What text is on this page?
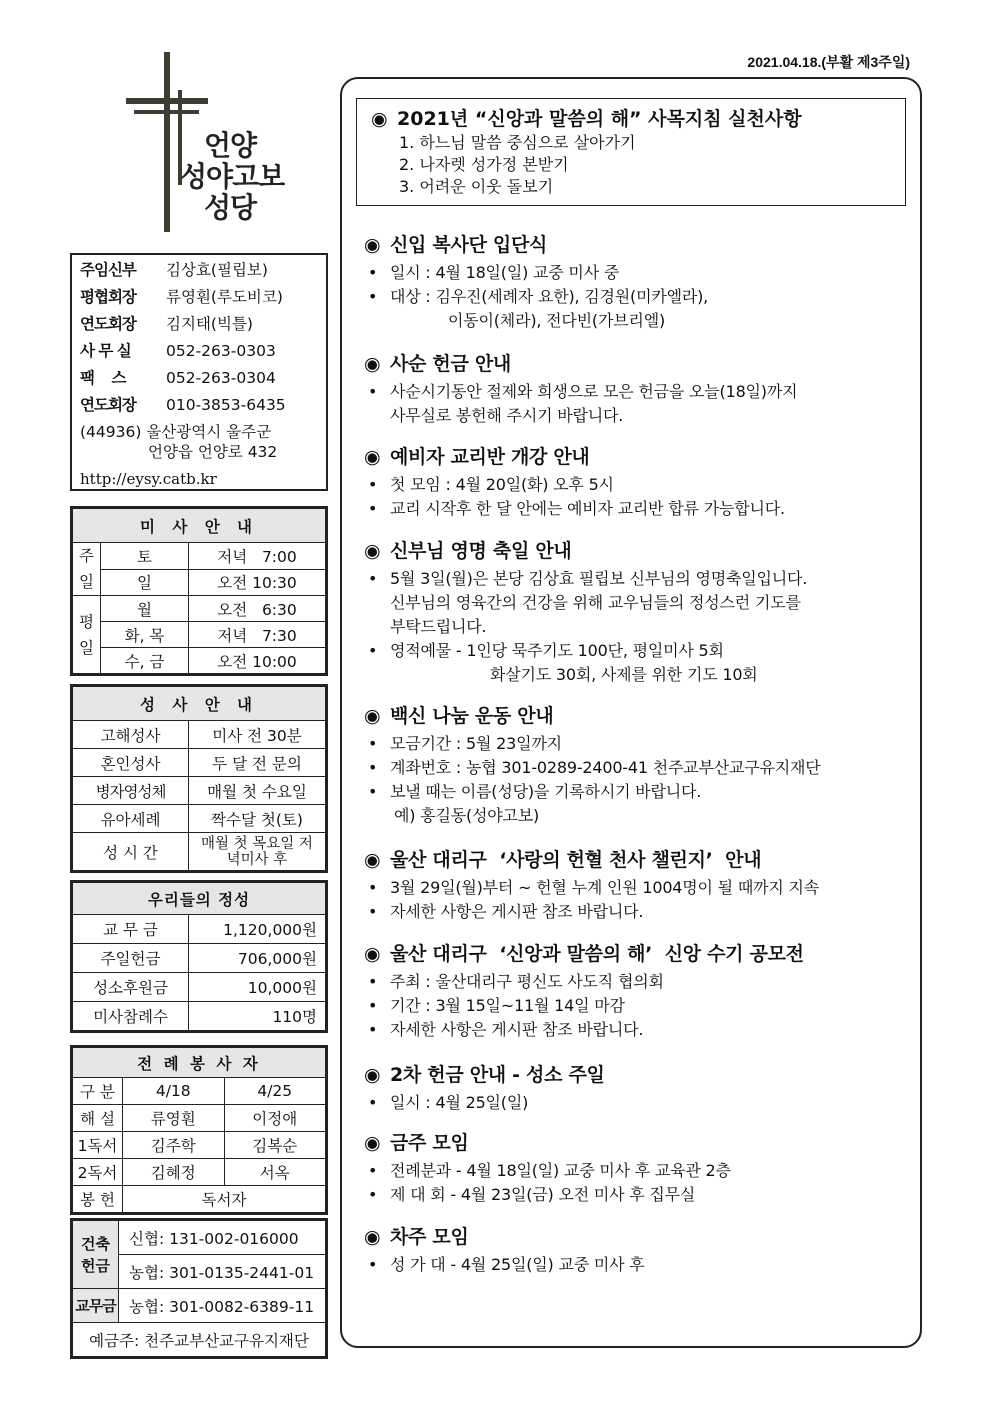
2021.04.18.(부활 제3주일)
언양
성야고보
성당
주임신부	김상효(필립보)
평협회장	류영훤(루도비코)
연도회장	김지태(빅틀)
사 무 실	052-263-0303
팩    스	052-263-0304
연도회장	010-3853-6435
(44936) 울산광역시 울주군
언양읍 언양로 432
http://eysy.catb.kr
미 사 안 내		
주일	토	저녁   7:00
	일	오전 10:30
평일	월	오전   6:30
	화, 목	저녁   7:30
	수, 금	오전 10:00
성 사 안 내	
고해성사	미사 전 30분
혼인성사	두 달 전 문의
병자영성체	매월 첫 수요일
유아세례	짝수달 첫(토)
성 시 간	매월 첫 목요일 저녁미사 후
우리들의 정성	
교 무 금	1,120,000원
주일헌금	706,000원
성소후원금	10,000원
미사참례수	110명
전 례 봉 사 자		
구 분	4/18	4/25
해 설	류영훤	이정애
1독서	김주학	김복순
2독서	김혜정	서옥
봉 헌	독서자	
건축헌금	신협: 131-002-016000
	농협: 301-0135-2441-01
교무금	농협: 301-0082-6389-11
예금주: 천주교부산교구유지재단	
◉ 2021년 “신앙과 말씀의 해” 사목지침 실천사항
1. 하느님 말씀 중심으로 살아가기
2. 나자렛 성가정 본받기
3. 어려운 이웃 돌보기
◉ 신입 복사단 입단식
• 일시 : 4월 18일(일) 교중 미사 중
• 대상 : 김우진(세례자 요한), 김경원(미카엘라),
이동이(체라), 전다빈(가브리엘)
◉ 사순 헌금 안내
• 사순시기동안 절제와 희생으로 모은 헌금을 오늘(18일)까지
사무실로 봉헌해 주시기 바랍니다.
◉ 예비자 교리반 개강 안내
• 첫 모임 : 4월 20일(화) 오후 5시
• 교리 시작후 한 달 안에는 예비자 교리반 합류 가능합니다.
◉ 신부님 영명 축일 안내
• 5월 3일(월)은 본당 김상효 필립보 신부님의 영명축일입니다.
신부님의 영육간의 건강을 위해 교우님들의 정성스런 기도를
부탁드립니다.
• 영적예물 - 1인당 묵주기도 100단, 평일미사 5회
화살기도 30회, 사제를 위한 기도 10회
◉ 백신 나눔 운동 안내
• 모금기간 : 5월 23일까지
• 계좌번호 : 농협 301-0289-2400-41 천주교부산교구유지재단
• 보낼 때는 이름(성당)을 기록하시기 바랍니다.
예) 홍길동(성야고보)
◉ 울산 대리구  ‘사랑의 헌혈 천사 챌린지’  안내
• 3월 29일(월)부터 ~ 헌혈 누계 인원 1004명이 될 때까지 지속
• 자세한 사항은 게시판 참조 바랍니다.
◉ 울산 대리구  ‘신앙과 말씀의 해’  신앙 수기 공모전
• 주최 : 울산대리구 평신도 사도직 협의회
• 기간 : 3월 15일~11월 14일 마감
• 자세한 사항은 게시판 참조 바랍니다.
◉ 2차 헌금 안내 - 성소 주일
• 일시 : 4월 25일(일)
◉ 금주 모임
• 전례분과 - 4월 18일(일) 교중 미사 후 교육관 2층
• 제 대 회 - 4월 23일(금) 오전 미사 후 집무실
◉ 차주 모임
• 성 가 대 - 4월 25일(일) 교중 미사 후
